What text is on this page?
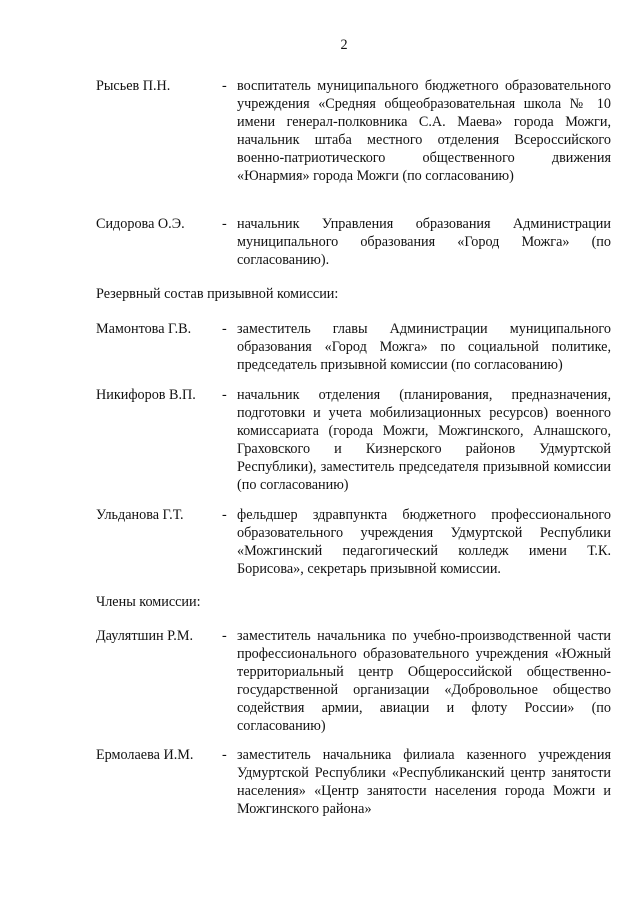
2
Рысьев П.Н.	- воспитатель муниципального бюджетного образовательного учреждения «Средняя общеобразовательная школа № 10 имени генерал-полковника С.А. Маева» города Можги, начальник штаба местного отделения Всероссийского военно-патриотического общественного движения «Юнармия» города Можги (по согласованию)
Сидорова О.Э.	- начальник Управления образования Администрации муниципального образования «Город Можга» (по согласованию).
Резервный состав призывной комиссии:
Мамонтова Г.В.	- заместитель главы Администрации муниципального образования «Город Можга» по социальной политике, председатель призывной комиссии (по согласованию)
Никифоров В.П.	- начальник отделения (планирования, предназначения, подготовки и учета мобилизационных ресурсов) военного комиссариата (города Можги, Можгинского, Алнашского, Граховского и Кизнерского районов Удмуртской Республики), заместитель председателя призывной комиссии (по согласованию)
Ульданова Г.Т.	- фельдшер здравпункта бюджетного профессионального образовательного учреждения Удмуртской Республики «Можгинский педагогический колледж имени Т.К. Борисова», секретарь призывной комиссии.
Члены комиссии:
Даулятшин Р.М.	- заместитель начальника по учебно-производственной части профессионального образовательного учреждения «Южный территориальный центр Общероссийской общественно-государственной организации «Добровольное общество содействия армии, авиации и флоту России» (по согласованию)
Ермолаева И.М.	- заместитель начальника филиала казенного учреждения Удмуртской Республики «Республиканский центр занятости населения» «Центр занятости населения города Можги и Можгинского района»
